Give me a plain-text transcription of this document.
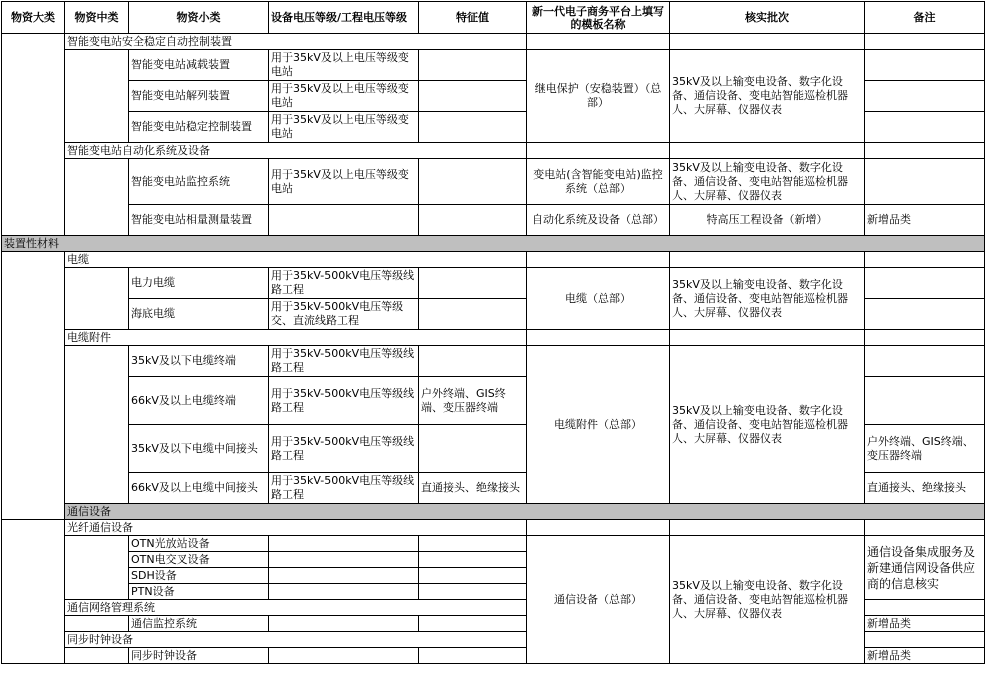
物资大类	物资中类	物资小类	设备电压等级/工程电压等级	特征值	新一代电子商务平台上填写的模板名称	核实批次	备注
	智能变电站安全稳定自动控制装置						
		智能变电站减载装置	用于35kV及以上电压等级变电站		继电保护（安稳装置）（总部）	35kV及以上输变电设备、数字化设备、通信设备、变电站智能巡检机器人、大屏幕、仪器仪表	
		智能变电站解列装置	用于35kV及以上电压等级变电站				
		智能变电站稳定控制装置	用于35kV及以上电压等级变电站				
	智能变电站自动化系统及设备						
		智能变电站监控系统	用于35kV及以上电压等级变电站		变电站(含智能变电站)监控系统（总部）	35kV及以上输变电设备、数字化设备、通信设备、变电站智能巡检机器人、大屏幕、仪器仪表	
		智能变电站相量测量装置			自动化系统及设备（总部）	特高压工程设备（新增）	新增品类
装置性材料							
	电缆						
		电力电缆	用于35kV-500kV电压等级线路工程		电缆（总部）	35kV及以上输变电设备、数字化设备、通信设备、变电站智能巡检机器人、大屏幕、仪器仪表	
		海底电缆	用于35kV-500kV电压等级交、直流线路工程				
	电缆附件						
		35kV及以下电缆终端	用于35kV-500kV电压等级线路工程		电缆附件（总部）	35kV及以上输变电设备、数字化设备、通信设备、变电站智能巡检机器人、大屏幕、仪器仪表	
		66kV及以上电缆终端	用于35kV-500kV电压等级线路工程	户外终端、GIS终端、变压器终端			
		35kV及以下电缆中间接头	用于35kV-500kV电压等级线路工程				户外终端、GIS终端、变压器终端
		66kV及以上电缆中间接头	用于35kV-500kV电压等级线路工程	直通接头、绝缘接头			直通接头、绝缘接头
	通信设备						
	光纤通信设备						
		OTN光放站设备			通信设备（总部）	35kV及以上输变电设备、数字化设备、通信设备、变电站智能巡检机器人、大屏幕、仪器仪表	通信设备集成服务及新建通信网设备供应商的信息核实
		OTN电交叉设备					
		SDH设备					
		PTN设备					
	通信网络管理系统						
		通信监控系统					新增品类
	同步时钟设备						
		同步时钟设备					新增品类
